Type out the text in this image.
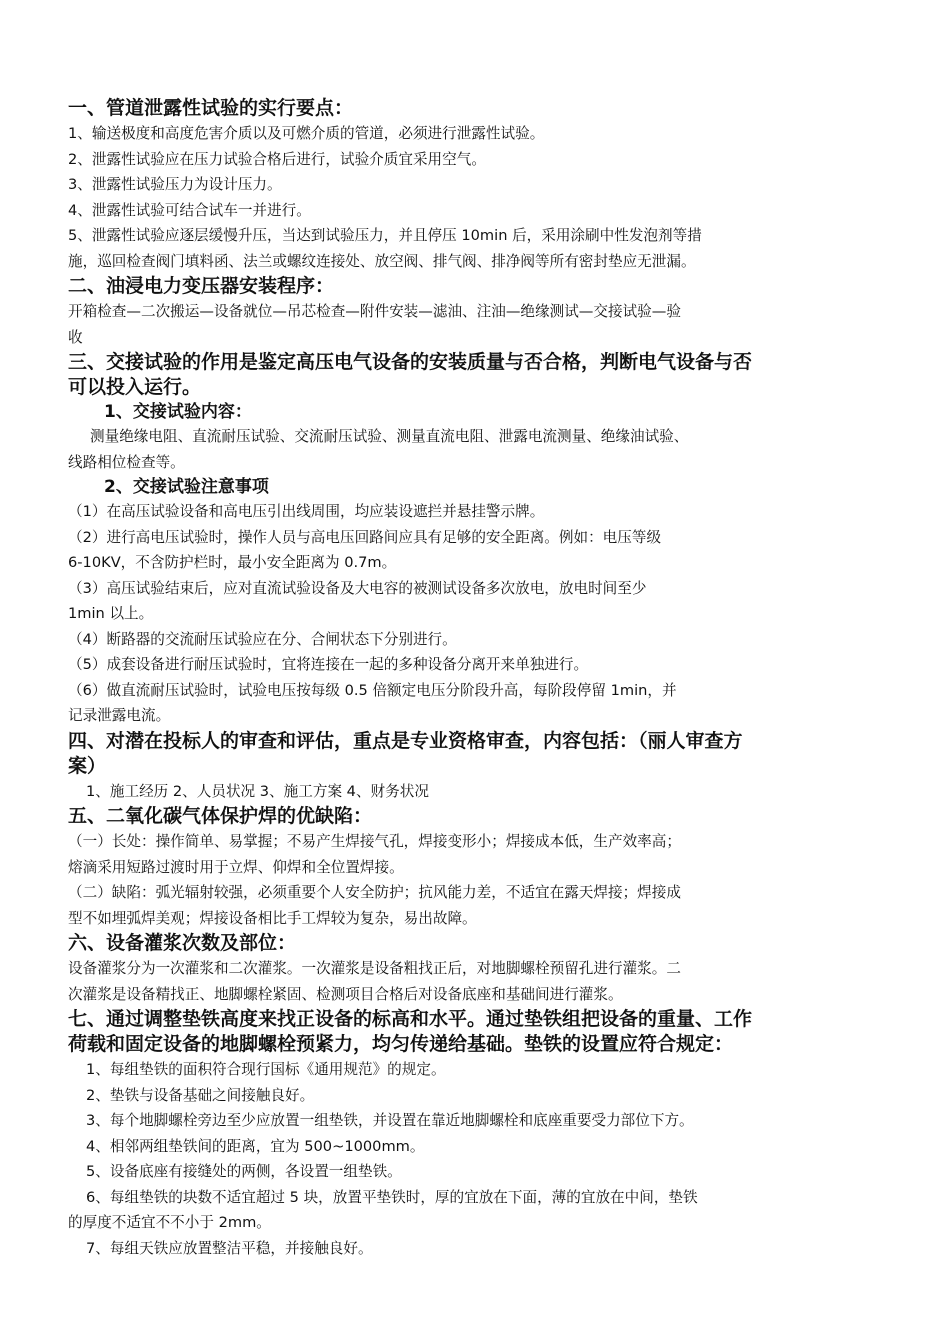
一、管道泄露性试验的实行要点：

1、输送极度和高度危害介质以及可燃介质的管道，必须进行泄露性试验。

2、泄露性试验应在压力试验合格后进行，试验介质宜采用空气。

3、泄露性试验压力为设计压力。

4、泄露性试验可结合试车一并进行。

5、泄露性试验应逐层缓慢升压，当达到试验压力，并且停压 10min 后，采用涂刷中性发泡剂等措

施，巡回检查阀门填料函、法兰或螺纹连接处、放空阀、排气阀、排净阀等所有密封垫应无泄漏。

二、油浸电力变压器安装程序：

开箱检查—二次搬运—设备就位—吊芯检查—附件安装—滤油、注油—绝缘测试—交接试验—验

收

三、交接试验的作用是鉴定高压电气设备的安装质量与否合格，判断电气设备与否

可以投入运行。

1、交接试验内容：

测量绝缘电阻、直流耐压试验、交流耐压试验、测量直流电阻、泄露电流测量、绝缘油试验、

线路相位检查等。

2、交接试验注意事项

（1）在高压试验设备和高电压引出线周围，均应装设遮拦并悬挂警示牌。

（2）进行高电压试验时，操作人员与高电压回路间应具有足够的安全距离。例如：电压等级

6-10KV，不含防护栏时，最小安全距离为 0.7m。

（3）高压试验结束后，应对直流试验设备及大电容的被测试设备多次放电，放电时间至少

1min 以上。

（4）断路器的交流耐压试验应在分、合闸状态下分别进行。

（5）成套设备进行耐压试验时，宜将连接在一起的多种设备分离开来单独进行。

（6）做直流耐压试验时，试验电压按每级 0.5 倍额定电压分阶段升高，每阶段停留 1min，并

记录泄露电流。

四、对潜在投标人的审查和评估，重点是专业资格审查，内容包括：（丽人审查方

案）

1、施工经历 2、人员状况 3、施工方案 4、财务状况

五、二氧化碳气体保护焊的优缺陷：

（一）长处：操作简单、易掌握；不易产生焊接气孔，焊接变形小；焊接成本低，生产效率高；

熔滴采用短路过渡时用于立焊、仰焊和全位置焊接。

（二）缺陷：弧光辐射较强，必须重要个人安全防护；抗风能力差，不适宜在露天焊接；焊接成

型不如埋弧焊美观；焊接设备相比手工焊较为复杂，易出故障。

六、设备灌浆次数及部位：

设备灌浆分为一次灌浆和二次灌浆。一次灌浆是设备粗找正后，对地脚螺栓预留孔进行灌浆。二

次灌浆是设备精找正、地脚螺栓紧固、检测项目合格后对设备底座和基础间进行灌浆。

七、通过调整垫铁高度来找正设备的标高和水平。通过垫铁组把设备的重量、工作

荷载和固定设备的地脚螺栓预紧力，均匀传递给基础。垫铁的设置应符合规定：

1、每组垫铁的面积符合现行国标《通用规范》的规定。

2、垫铁与设备基础之间接触良好。

3、每个地脚螺栓旁边至少应放置一组垫铁，并设置在靠近地脚螺栓和底座重要受力部位下方。

4、相邻两组垫铁间的距离，宜为 500~1000mm。

5、设备底座有接缝处的两侧，各设置一组垫铁。

6、每组垫铁的块数不适宜超过 5 块，放置平垫铁时，厚的宜放在下面，薄的宜放在中间，垫铁

的厚度不适宜不不小于 2mm。

7、每组天铁应放置整洁平稳，并接触良好。
